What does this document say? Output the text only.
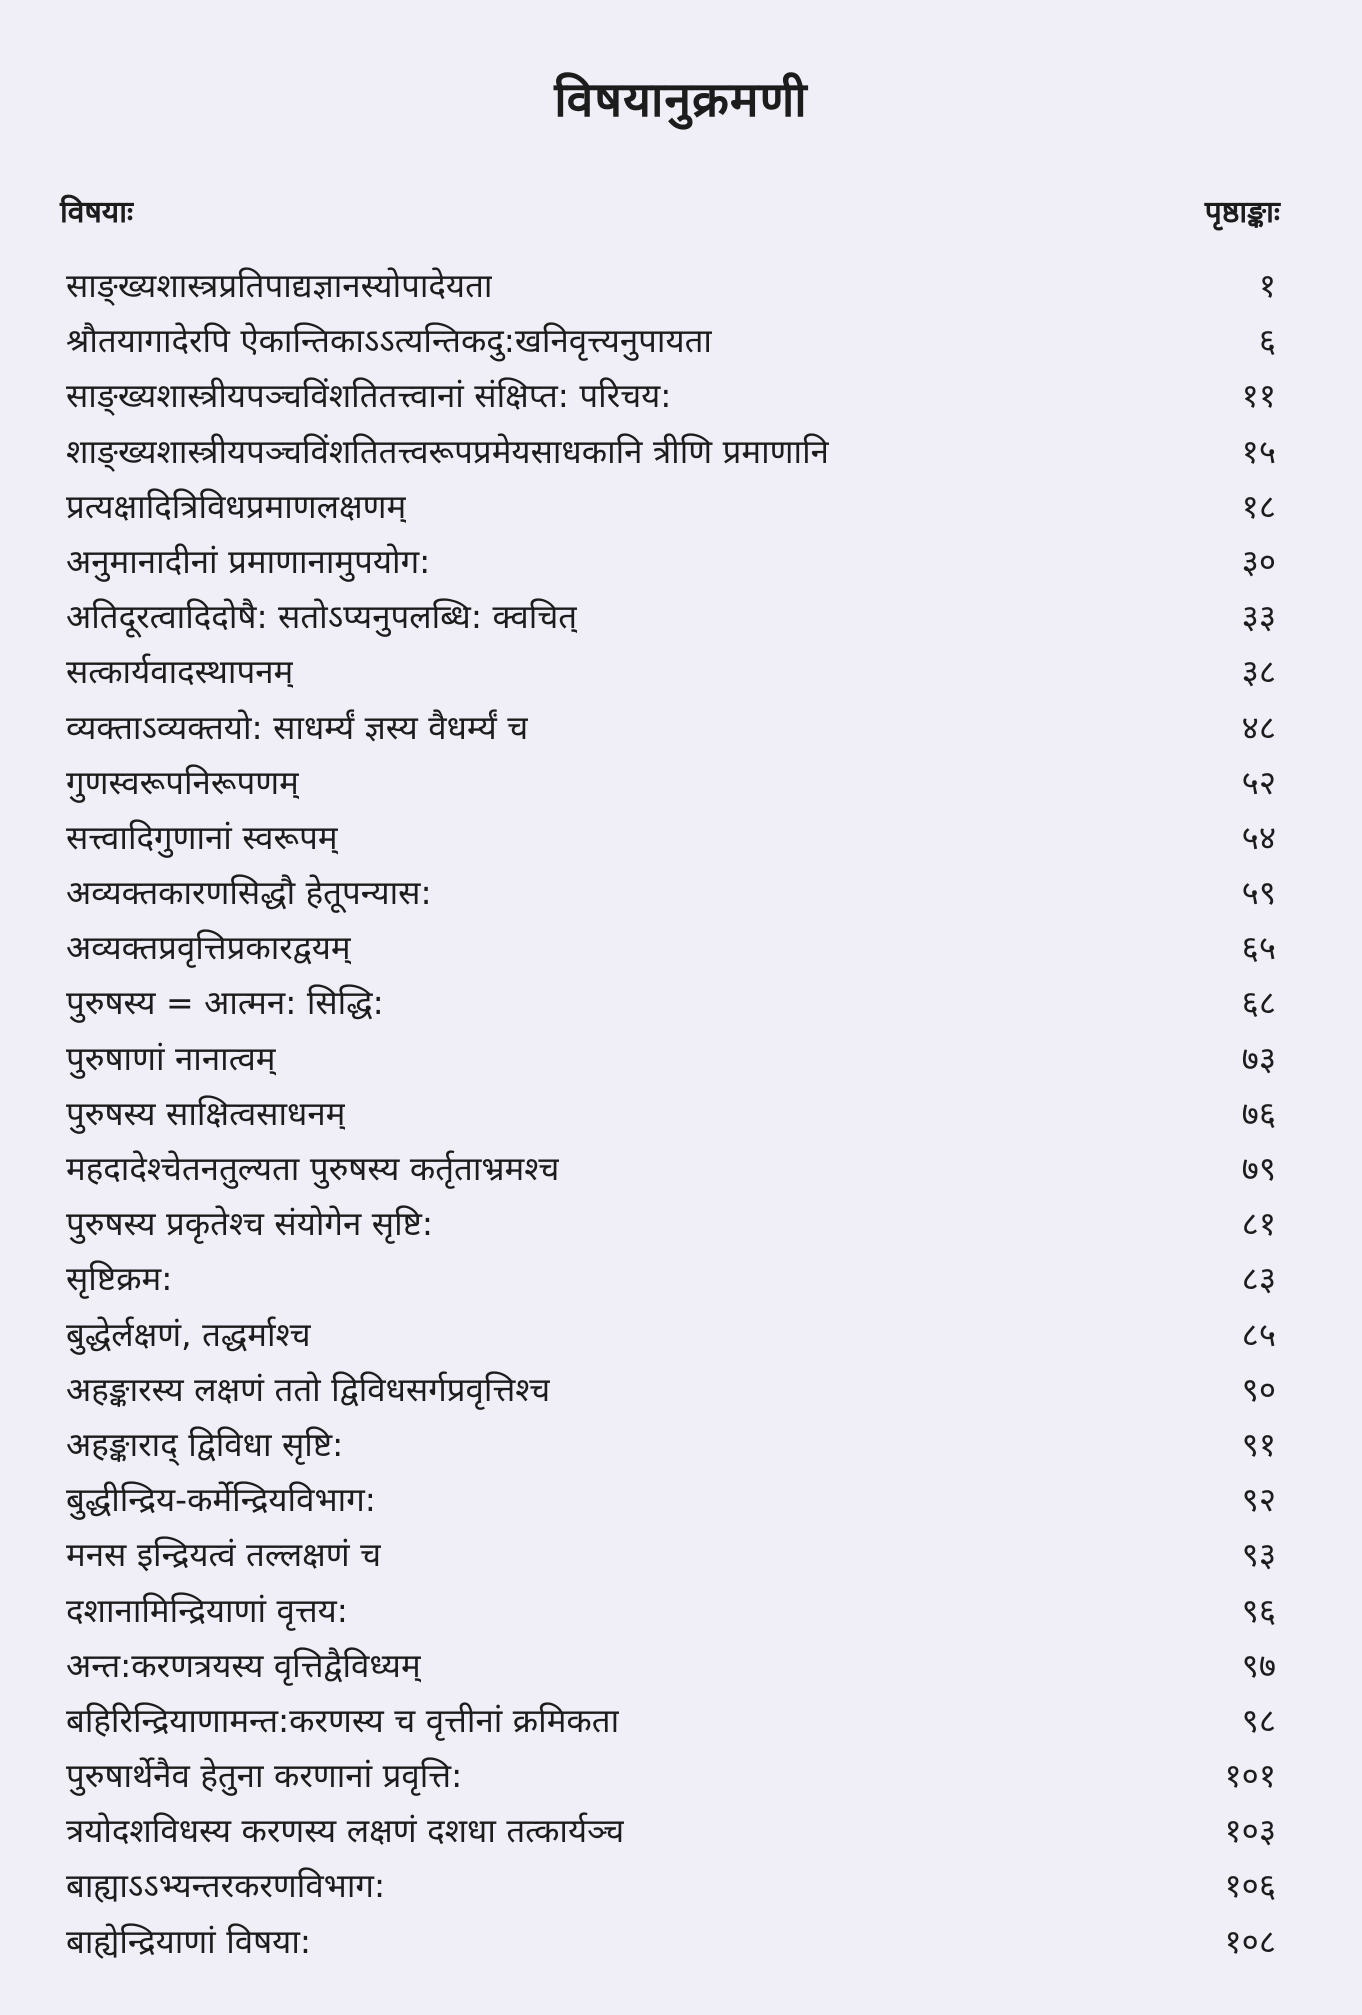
विषयानुक्रमणी
विषयाः	पृष्ठाङ्काः
साङ्ख्यशास्त्रप्रतिपाद्यज्ञानस्योपादेयता	१
श्रौतयागादेरपि ऐकान्तिकाऽऽत्यन्तिकदु:खनिवृत्त्यनुपायता	६
साङ्ख्यशास्त्रीयपञ्चविंशतितत्त्वानां संक्षिप्त: परिचय:	११
शाङ्ख्यशास्त्रीयपञ्चविंशतितत्त्वरूपप्रमेयसाधकानि त्रीणि प्रमाणानि	१५
प्रत्यक्षादित्रिविधप्रमाणलक्षणम्	१८
अनुमानादीनां प्रमाणानामुपयोग:	३०
अतिदूरत्वादिदोषै: सतोऽप्यनुपलब्धि: क्वचित्	३३
सत्कार्यवादस्थापनम्	३८
व्यक्ताऽव्यक्तयो: साधर्म्यं ज्ञस्य वैधर्म्यं च	४८
गुणस्वरूपनिरूपणम्	५२
सत्त्वादिगुणानां स्वरूपम्	५४
अव्यक्तकारणसिद्धौ हेतूपन्यास:	५९
अव्यक्तप्रवृत्तिप्रकारद्वयम्	६५
पुरुषस्य = आत्मन: सिद्धि:	६८
पुरुषाणां नानात्वम्	७३
पुरुषस्य साक्षित्वसाधनम्	७६
महदादेश्चेतनतुल्यता पुरुषस्य कर्तृताभ्रमश्च	७९
पुरुषस्य प्रकृतेश्च संयोगेन सृष्टि:	८१
सृष्टिक्रम:	८३
बुद्धेर्लक्षणं, तद्धर्माश्च	८५
अहङ्कारस्य लक्षणं ततो द्विविधसर्गप्रवृत्तिश्च	९०
अहङ्काराद् द्विविधा सृष्टि:	९१
बुद्धीन्द्रिय-कर्मेन्द्रियविभाग:	९२
मनस इन्द्रियत्वं तल्लक्षणं च	९३
दशानामिन्द्रियाणां वृत्तय:	९६
अन्त:करणत्रयस्य वृत्तिद्वैविध्यम्	९७
बहिरिन्द्रियाणामन्त:करणस्य च वृत्तीनां क्रमिकता	९८
पुरुषार्थेनैव हेतुना करणानां प्रवृत्ति:	१०१
त्रयोदशविधस्य करणस्य लक्षणं दशधा तत्कार्यञ्च	१०३
बाह्याऽऽभ्यन्तरकरणविभाग:	१०६
बाह्येन्द्रियाणां विषया:	१०८
